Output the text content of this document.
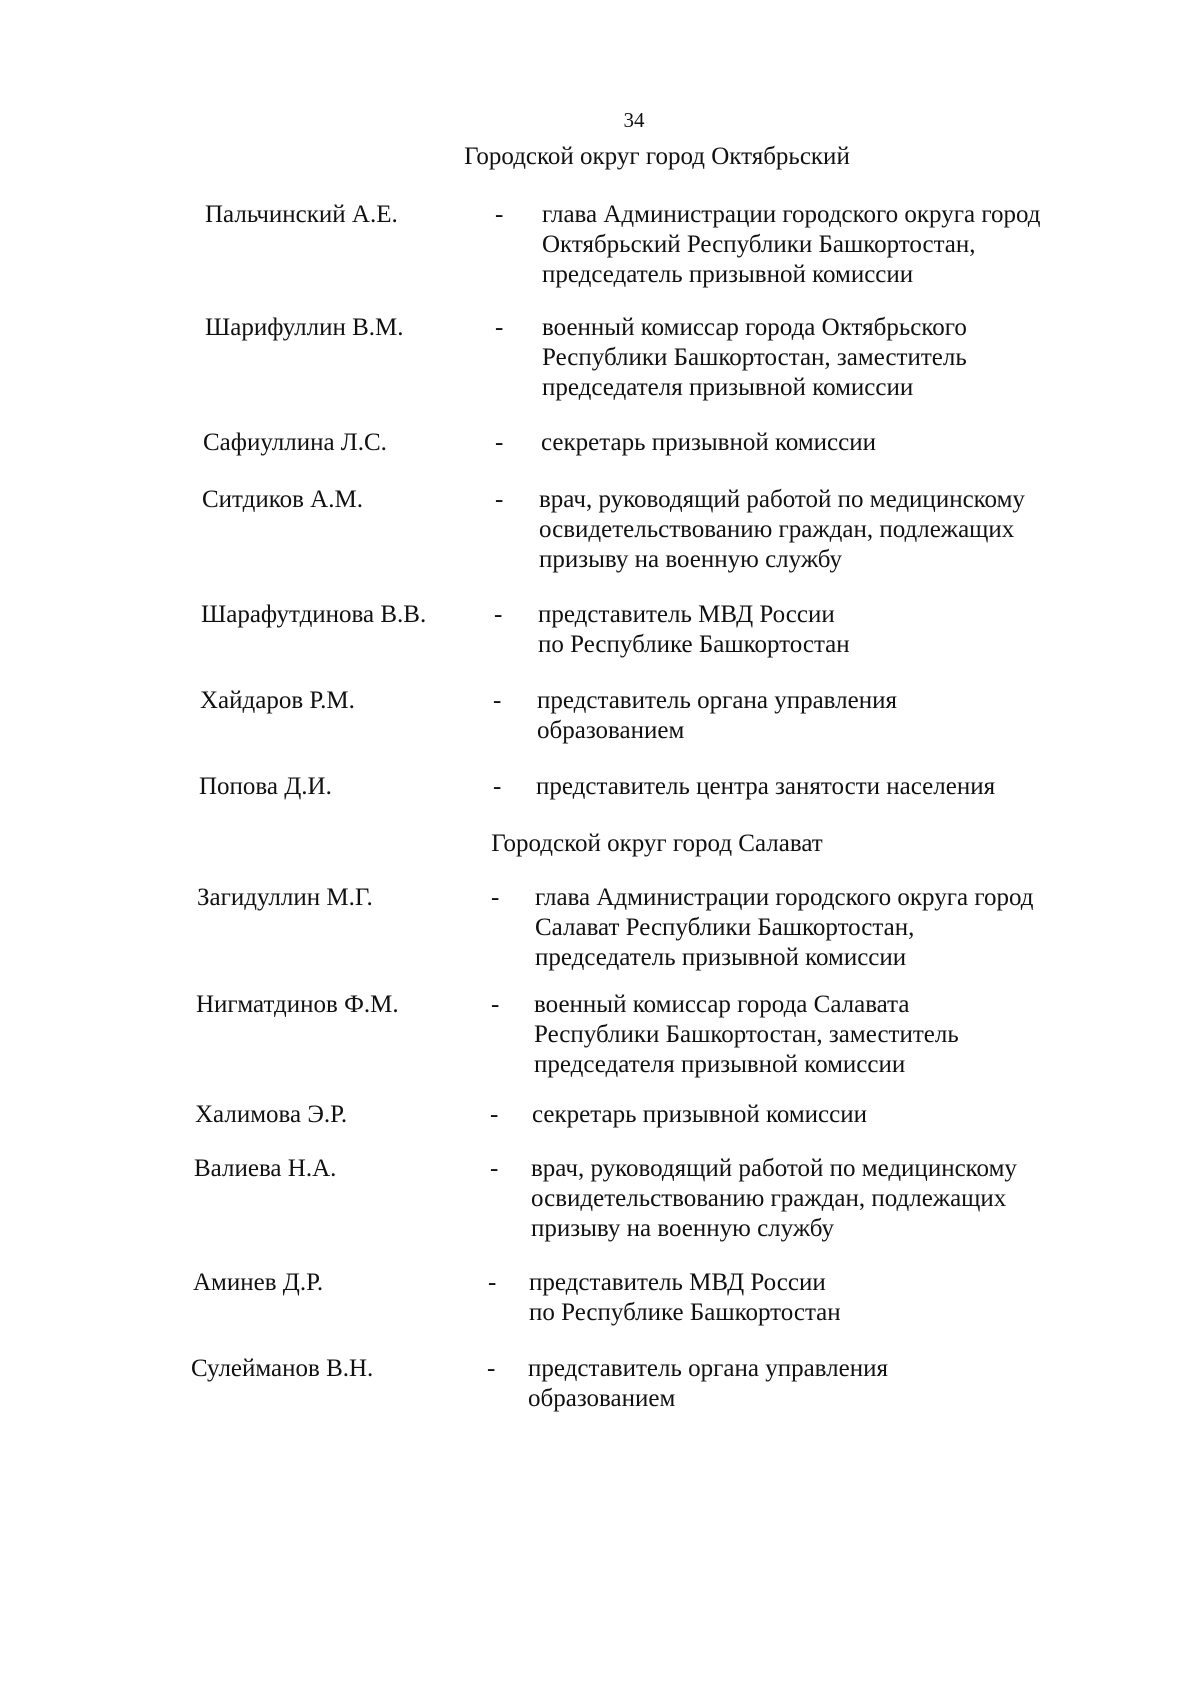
34
Городской округ город Октябрьский
Пальчинский А.Е.	- глава Администрации городского округа город
Октябрьский Республики Башкортостан,
председатель призывной комиссии
Шарифуллин В.М.	- военный комиссар города Октябрьского
Республики Башкортостан, заместитель
председателя призывной комиссии
Сафиуллина Л.С.	- секретарь призывной комиссии
Ситдиков А.М.	- врач, руководящий работой по медицинскому
освидетельствованию граждан, подлежащих
призыву на военную службу
Шарафутдинова В.В.	- представитель МВД России
по Республике Башкортостан
Хайдаров Р.М.	- представитель органа управления
образованием
Попова Д.И.	- представитель центра занятости населения
Городской округ город Салават
Загидуллин М.Г.	- глава Администрации городского округа город
Салават Республики Башкортостан,
председатель призывной комиссии
Нигматдинов Ф.М.	- военный комиссар города Салавата
Республики Башкортостан, заместитель
председателя призывной комиссии
Халимова Э.Р.	- секретарь призывной комиссии
Валиева Н.А.	- врач, руководящий работой по медицинскому
освидетельствованию граждан, подлежащих
призыву на военную службу
Аминев Д.Р.	- представитель МВД России
по Республике Башкортостан
Сулейманов В.Н.	- представитель органа управления
образованием
